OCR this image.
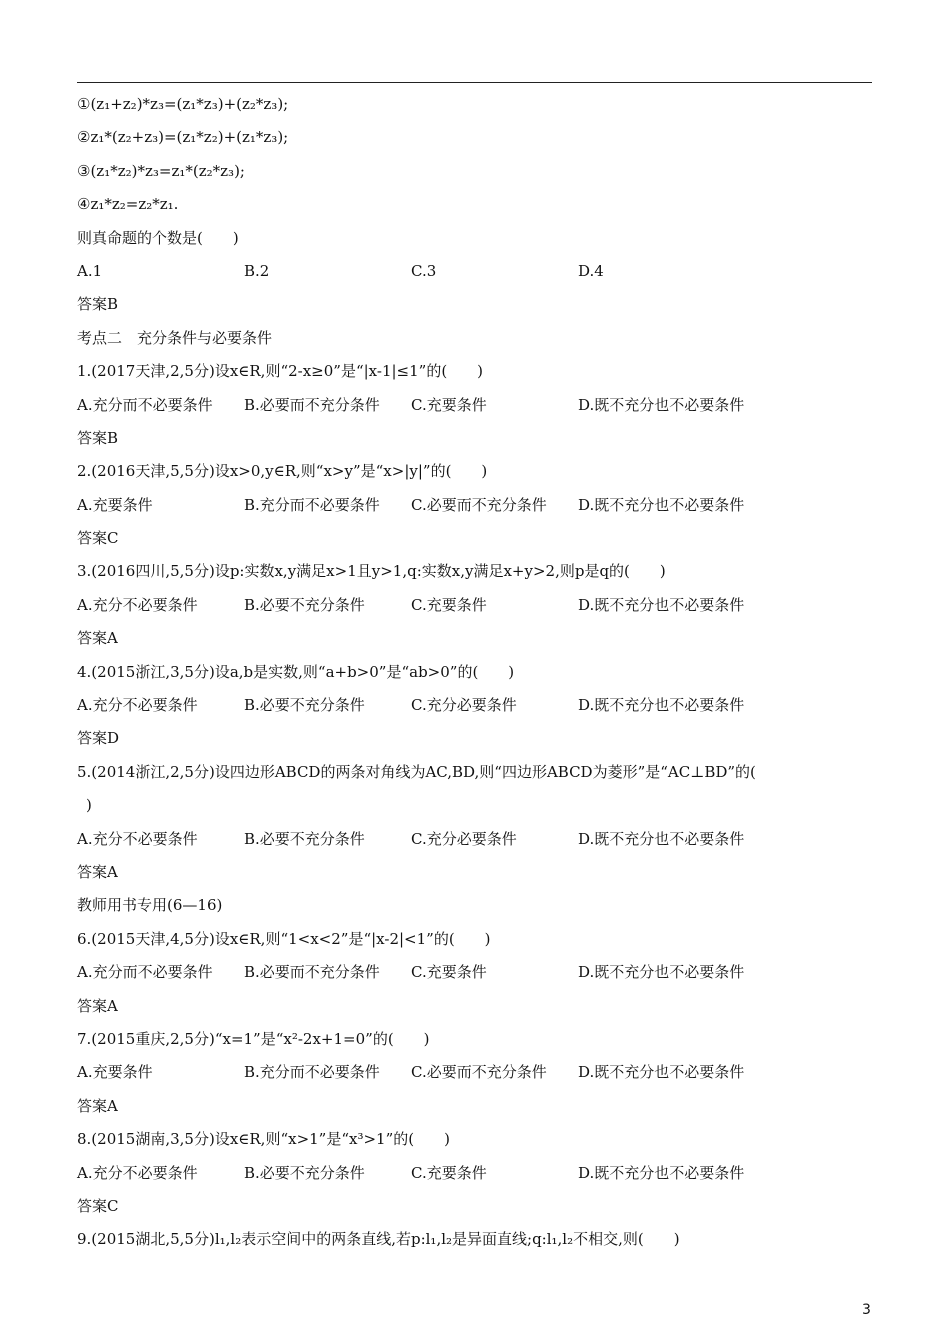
①(z₁+z₂)*z₃=(z₁*z₃)+(z₂*z₃);
②z₁*(z₂+z₃)=(z₁*z₂)+(z₁*z₃);
③(z₁*z₂)*z₃=z₁*(z₂*z₃);
④z₁*z₂=z₂*z₁.
则真命题的个数是(　　)
A.1	B.2	C.3	D.4
答案B
考点二　充分条件与必要条件
1.(2017天津,2,5分)设x∈R,则“2-x≥0”是“|x-1|≤1”的(　　)
A.充分而不必要条件	B.必要而不充分条件	C.充要条件	D.既不充分也不必要条件
答案B
2.(2016天津,5,5分)设x>0,y∈R,则“x>y”是“x>|y|”的(　　)
A.充要条件	B.充分而不必要条件	C.必要而不充分条件	D.既不充分也不必要条件
答案C
3.(2016四川,5,5分)设p:实数x,y满足x>1且y>1,q:实数x,y满足x+y>2,则p是q的(　　)
A.充分不必要条件	B.必要不充分条件	C.充要条件	D.既不充分也不必要条件
答案A
4.(2015浙江,3,5分)设a,b是实数,则“a+b>0”是“ab>0”的(　　)
A.充分不必要条件	B.必要不充分条件	C.充分必要条件	D.既不充分也不必要条件
答案D
5.(2014浙江,2,5分)设四边形ABCD的两条对角线为AC,BD,则“四边形ABCD为菱形”是“AC⊥BD”的(
)
A.充分不必要条件	B.必要不充分条件	C.充分必要条件	D.既不充分也不必要条件
答案A
教师用书专用(6—16)
6.(2015天津,4,5分)设x∈R,则“1<x<2”是“|x-2|<1”的(　　)
A.充分而不必要条件	B.必要而不充分条件	C.充要条件	D.既不充分也不必要条件
答案A
7.(2015重庆,2,5分)“x=1”是“x²-2x+1=0”的(　　)
A.充要条件	B.充分而不必要条件	C.必要而不充分条件	D.既不充分也不必要条件
答案A
8.(2015湖南,3,5分)设x∈R,则“x>1”是“x³>1”的(　　)
A.充分不必要条件	B.必要不充分条件	C.充要条件	D.既不充分也不必要条件
答案C
9.(2015湖北,5,5分)l₁,l₂表示空间中的两条直线,若p:l₁,l₂是异面直线;q:l₁,l₂不相交,则(　　)
3
